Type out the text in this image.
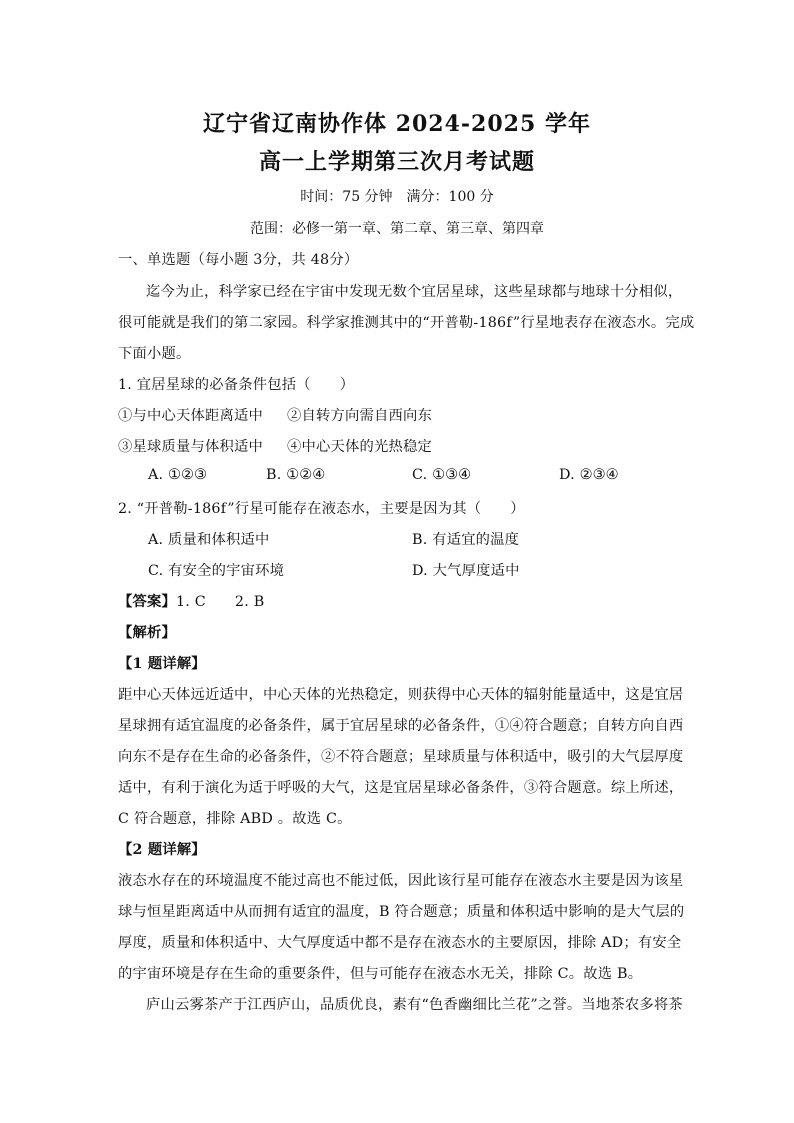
辽宁省辽南协作体 2024-2025 学年
高一上学期第三次月考试题
时间：75 分钟　满分：100 分
范围：必修一第一章、第二章、第三章、第四章
一、单选题（每小题 3分，共 48分）
迄今为止，科学家已经在宇宙中发现无数个宜居星球，这些星球都与地球十分相似，
很可能就是我们的第二家园。科学家推测其中的“开普勒-186f”行星地表存在液态水。完成
下面小题。
1. 宜居星球的必备条件包括（　　）
①与中心天体距离适中 ②自转方向需自西向东
③星球质量与体积适中 ④中心天体的光热稳定
A. ①②③	B. ①②④	C. ①③④	D. ②③④
2. “开普勒-186f”行星可能存在液态水，主要是因为其（　　）
A. 质量和体积适中	B. 有适宜的温度
C. 有安全的宇宙环境	D. 大气厚度适中
【答案】1. C　　2. B
【解析】
【1 题详解】
距中心天体远近适中，中心天体的光热稳定，则获得中心天体的辐射能量适中，这是宜居
星球拥有适宜温度的必备条件，属于宜居星球的必备条件，①④符合题意；自转方向自西
向东不是存在生命的必备条件，②不符合题意；星球质量与体积适中，吸引的大气层厚度
适中，有利于演化为适于呼吸的大气，这是宜居星球必备条件，③符合题意。综上所述，
C 符合题意，排除 ABD 。故选 C。
【2 题详解】
液态水存在的环境温度不能过高也不能过低，因此该行星可能存在液态水主要是因为该星
球与恒星距离适中从而拥有适宜的温度，B 符合题意；质量和体积适中影响的是大气层的
厚度，质量和体积适中、大气厚度适中都不是存在液态水的主要原因，排除 AD；有安全
的宇宙环境是存在生命的重要条件，但与可能存在液态水无关，排除 C。故选 B。
庐山云雾茶产于江西庐山，品质优良，素有“色香幽细比兰花”之誉。当地茶农多将茶
